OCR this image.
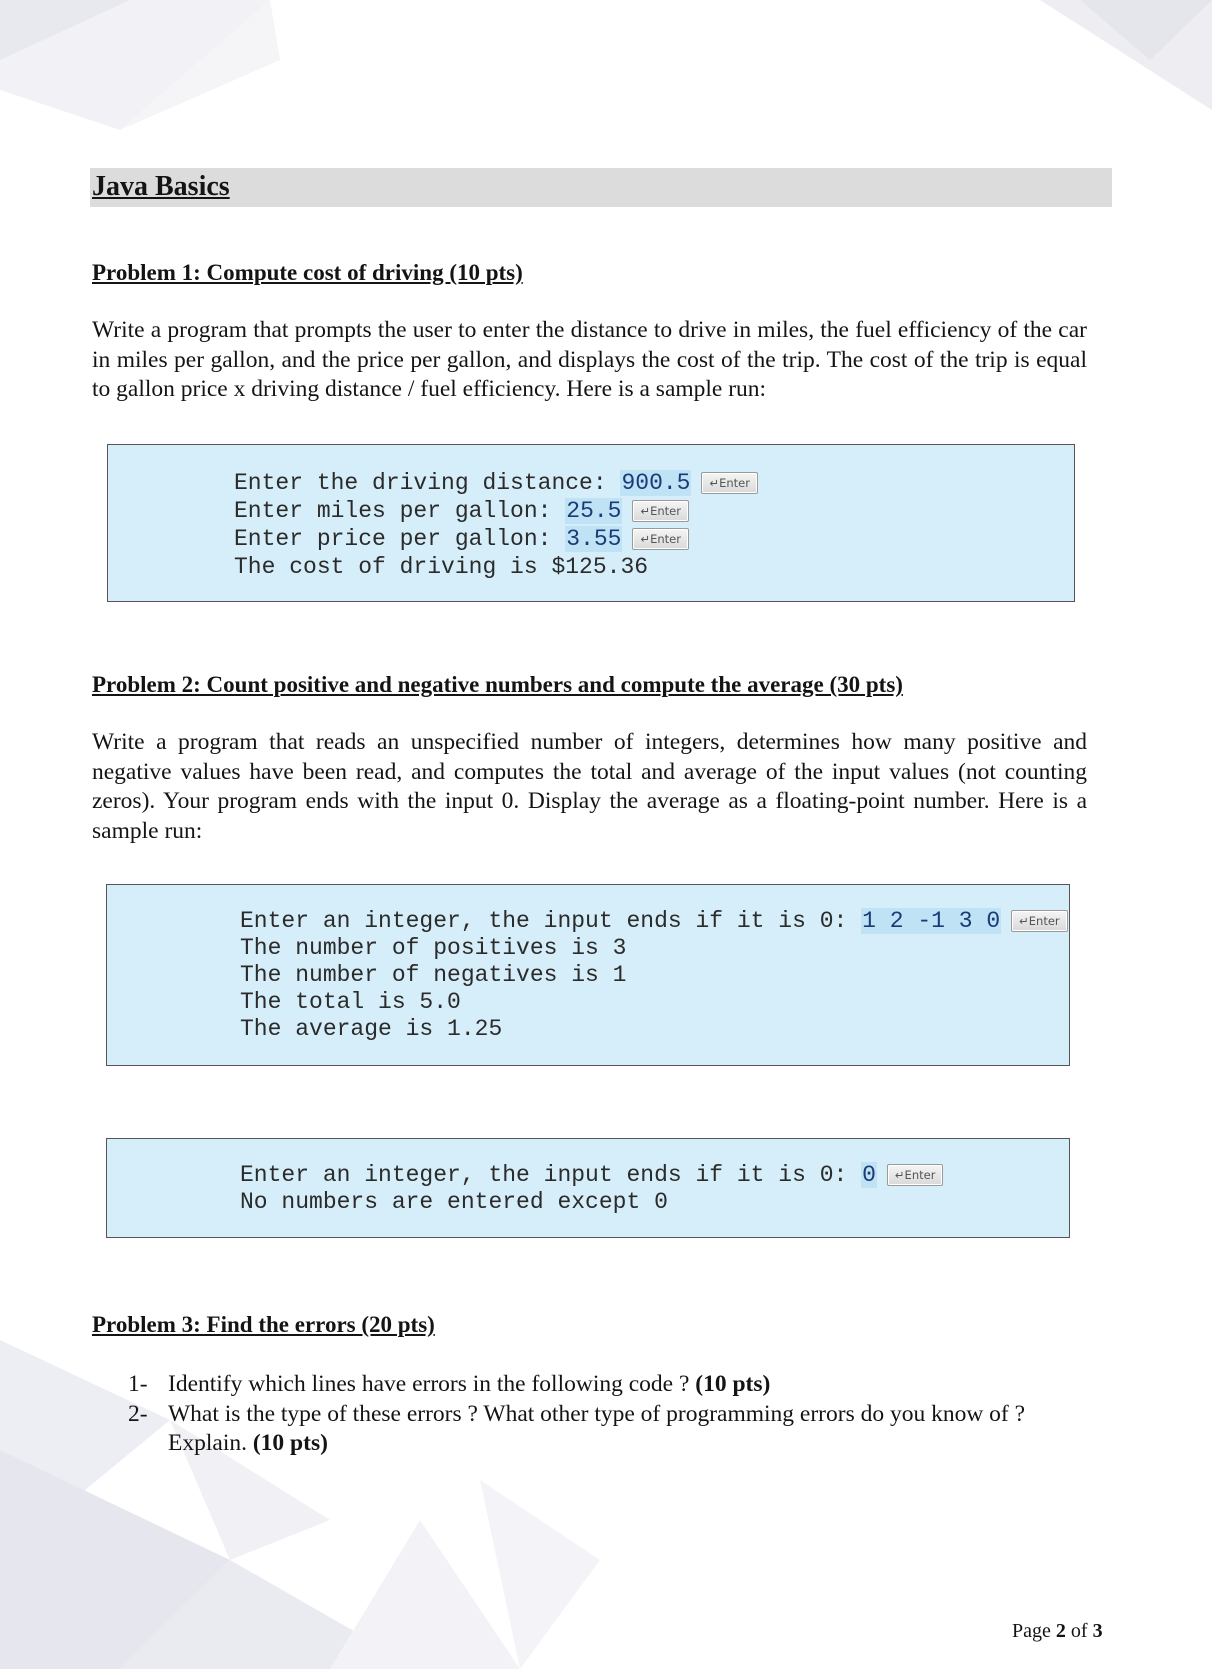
Java Basics
Problem 1: Compute cost of driving (10 pts)

Write a program that prompts the user to enter the distance to drive in miles, the fuel efficiency of the car in miles per gallon, and the price per gallon, and displays the cost of the trip. The cost of the trip is equal to gallon price x driving distance / fuel efficiency. Here is a sample run:

Enter the driving distance: 900.5 ↵Enter
Enter miles per gallon: 25.5 ↵Enter
Enter price per gallon: 3.55 ↵Enter
The cost of driving is $125.36
Problem 2: Count positive and negative numbers and compute the average (30 pts)

Write a program that reads an unspecified number of integers, determines how many positive and negative values have been read, and computes the total and average of the input values (not counting zeros). Your program ends with the input 0. Display the average as a floating-point number. Here is a sample run:

Enter an integer, the input ends if it is 0: 1 2 -1 3 0 ↵Enter
The number of positives is 3
The number of negatives is 1
The total is 5.0
The average is 1.25
Enter an integer, the input ends if it is 0: 0 ↵Enter
No numbers are entered except 0
Problem 3: Find the errors (20 pts)
1- Identify which lines have errors in the following code ? (10 pts)
2- What is the type of these errors ? What other type of programming errors do you know of ? Explain. (10 pts)

Page 2 of 3
